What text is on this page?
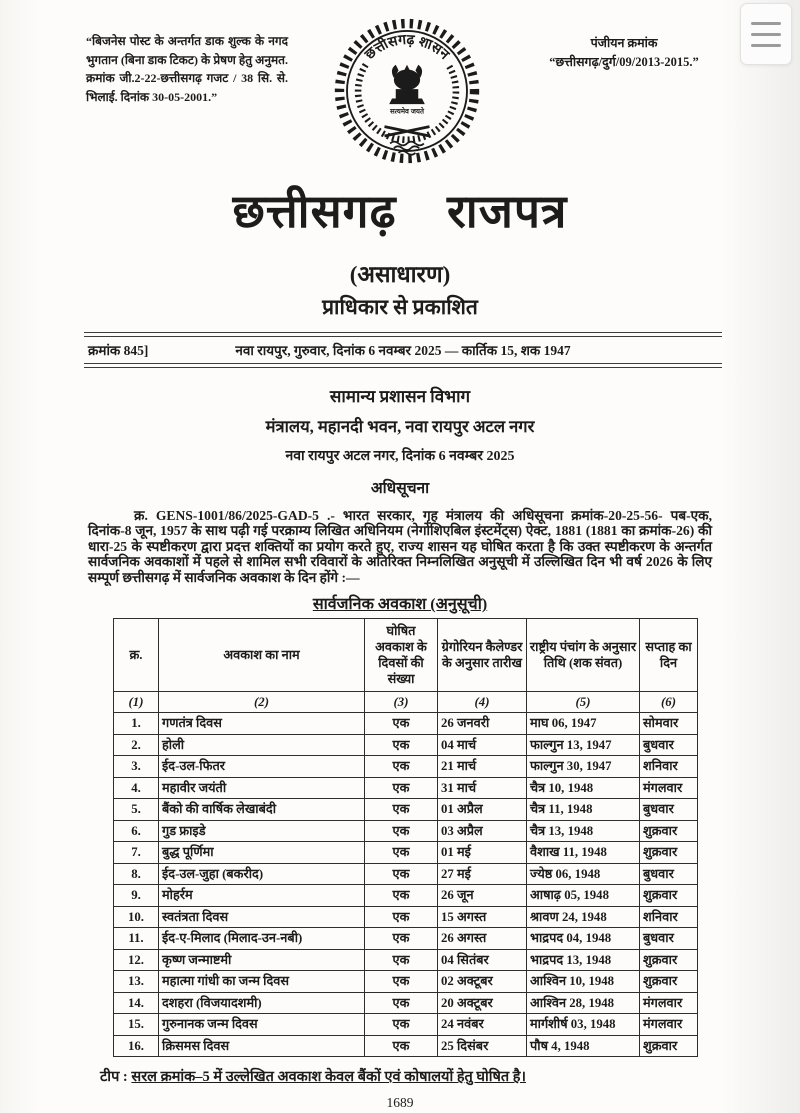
“बिजनेस पोस्ट के अन्तर्गत डाक शुल्क के नगद भुगतान (बिना डाक टिकट) के प्रेषण हेतु अनुमत. क्रमांक जी.2-22-छत्तीसगढ़ गजट / 38 सि. से. भिलाई. दिनांक 30-05-2001.”
छत्तीसगढ़ शासन
सत्यमेव जयते
पंजीयन क्रमांक
“छत्तीसगढ़/दुर्ग/09/2013-2015.”
छत्तीसगढ़ राजपत्र
(असाधारण)
प्राधिकार से प्रकाशित
क्रमांक 845]	नवा रायपुर, गुरुवार, दिनांक 6 नवम्बर 2025 — कार्तिक 15, शक 1947
सामान्य प्रशासन विभाग
मंत्रालय, महानदी भवन, नवा रायपुर अटल नगर
नवा रायपुर अटल नगर, दिनांक 6 नवम्बर 2025
अधिसूचना

क्र. GENS-1001/86/2025-GAD-5 .- भारत सरकार, गृह मंत्रालय की अधिसूचना क्रमांक-20-25-56- पब-एक, दिनांक-8 जून, 1957 के साथ पढ़ी गई परक्राम्य लिखित अधिनियम (नेगोशिएबिल इंस्टमेंट्स) ऐक्ट, 1881 (1881 का क्रमांक-26) की धारा-25 के स्पष्टीकरण द्वारा प्रदत्त शक्तियों का प्रयोग करते हुए, राज्य शासन यह घोषित करता है कि उक्त स्पष्टीकरण के अन्तर्गत सार्वजनिक अवकाशों में पहले से शामिल सभी रविवारों के अतिरिक्त निम्नलिखित अनुसूची में उल्लिखित दिन भी वर्ष 2026 के लिए सम्पूर्ण छत्तीसगढ़ में सार्वजनिक अवकाश के दिन होंगे :—

सार्वजनिक अवकाश (अनुसूची)
क्र.	अवकाश का नाम	घोषित अवकाश के दिवसों की संख्या	ग्रेगोरियन कैलेण्डर के अनुसार तारीख	राष्ट्रीय पंचांग के अनुसार तिथि (शक संवत)	सप्ताह का दिन
(1)	(2)	(3)	(4)	(5)	(6)
1.	गणतंत्र दिवस	एक	26 जनवरी	माघ 06, 1947	सोमवार
2.	होली	एक	04 मार्च	फाल्गुन 13, 1947	बुधवार
3.	ईद-उल-फितर	एक	21 मार्च	फाल्गुन 30, 1947	शनिवार
4.	महावीर जयंती	एक	31 मार्च	चैत्र 10, 1948	मंगलवार
5.	बैंको की वार्षिक लेखाबंदी	एक	01 अप्रैल	चैत्र 11, 1948	बुधवार
6.	गुड फ्राइडे	एक	03 अप्रैल	चैत्र 13, 1948	शुक्रवार
7.	बुद्ध पूर्णिमा	एक	01 मई	वैशाख 11, 1948	शुक्रवार
8.	ईद-उल-जुहा (बकरीद)	एक	27 मई	ज्येष्ठ 06, 1948	बुधवार
9.	मोहर्रम	एक	26 जून	आषाढ़ 05, 1948	शुक्रवार
10.	स्वतंत्रता दिवस	एक	15 अगस्त	श्रावण 24, 1948	शनिवार
11.	ईद-ए-मिलाद (मिलाद-उन-नबी)	एक	26 अगस्त	भाद्रपद 04, 1948	बुधवार
12.	कृष्ण जन्माष्टमी	एक	04 सितंबर	भाद्रपद 13, 1948	शुक्रवार
13.	महात्मा गांधी का जन्म दिवस	एक	02 अक्टूबर	आश्विन 10, 1948	शुक्रवार
14.	दशहरा (विजयादशमी)	एक	20 अक्टूबर	आश्विन 28, 1948	मंगलवार
15.	गुरुनानक जन्म दिवस	एक	24 नवंबर	मार्गशीर्ष 03, 1948	मंगलवार
16.	क्रिसमस दिवस	एक	25 दिसंबर	पौष 4, 1948	शुक्रवार
टीप : सरल क्रमांक–5 में उल्लेखित अवकाश केवल बैंकों एवं कोषालयों हेतु घोषित है।
1689
